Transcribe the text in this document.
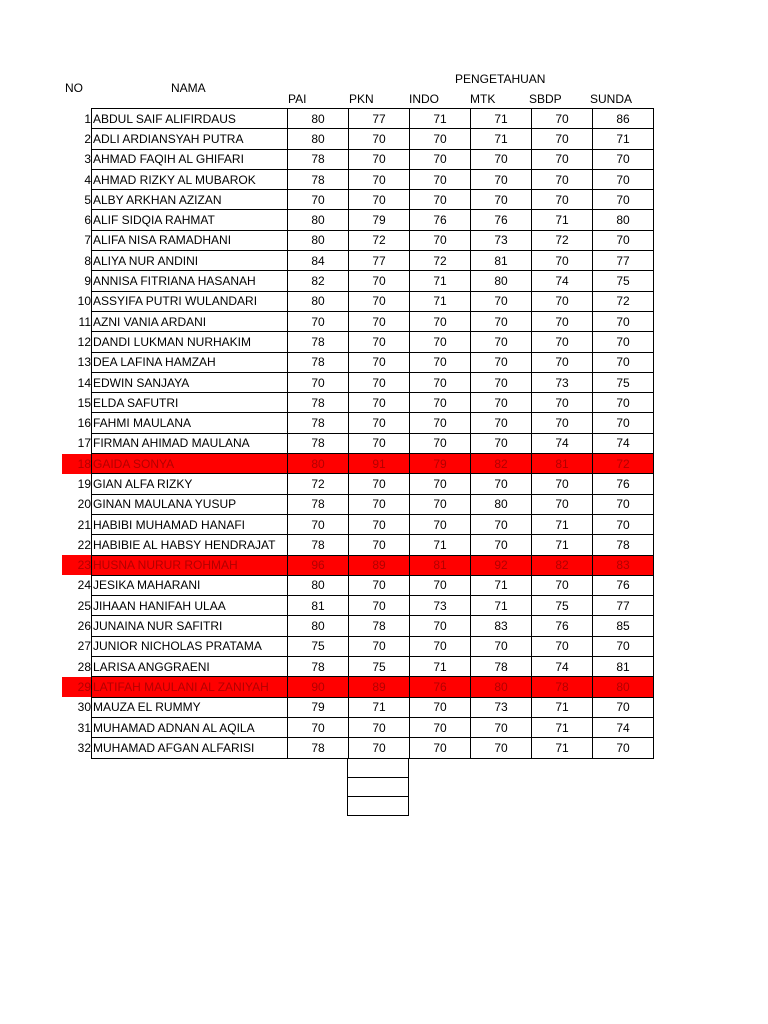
NO	NAMA
PENGETAHUAN
PAI	PKN	INDO	MTK	SBDP SUNDA
1	ABDUL SAIF ALIFIRDAUS	80	77	71	71	70	86
2	ADLI ARDIANSYAH PUTRA	80	70	70	71	70	71
3	AHMAD FAQIH AL GHIFARI	78	70	70	70	70	70
4	AHMAD RIZKY AL MUBAROK	78	70	70	70	70	70
5	ALBY ARKHAN AZIZAN	70	70	70	70	70	70
6	ALIF SIDQIA RAHMAT	80	79	76	76	71	80
7	ALIFA NISA RAMADHANI	80	72	70	73	72	70
8	ALIYA NUR ANDINI	84	77	72	81	70	77
9	ANNISA FITRIANA HASANAH	82	70	71	80	74	75
10	ASSYIFA PUTRI WULANDARI	80	70	71	70	70	72
11	AZNI VANIA ARDANI	70	70	70	70	70	70
12	DANDI LUKMAN NURHAKIM	78	70	70	70	70	70
13	DEA LAFINA HAMZAH	78	70	70	70	70	70
14	EDWIN SANJAYA	70	70	70	70	73	75
15	ELDA SAFUTRI	78	70	70	70	70	70
16	FAHMI MAULANA	78	70	70	70	70	70
17	FIRMAN AHIMAD MAULANA	78	70	70	70	74	74
18	GAIDA SONYA	80	91	79	82	81	72
19	GIAN ALFA RIZKY	72	70	70	70	70	76
20	GINAN MAULANA YUSUP	78	70	70	80	70	70
21	HABIBI MUHAMAD HANAFI	70	70	70	70	71	70
22	HABIBIE AL HABSY HENDRAJAT	78	70	71	70	71	78
23	HUSNA NURUR ROHMAH	96	89	81	92	82	83
24	JESIKA MAHARANI	80	70	70	71	70	76
25	JIHAAN HANIFAH ULAA	81	70	73	71	75	77
26	JUNAINA NUR SAFITRI	80	78	70	83	76	85
27	JUNIOR NICHOLAS PRATAMA	75	70	70	70	70	70
28	LARISA ANGGRAENI	78	75	71	78	74	81
29	LATIFAH MAULANI AL ZANIYAH	90	89	76	80	78	80
30	MAUZA EL RUMMY	79	71	70	73	71	70
31	MUHAMAD ADNAN AL AQILA	70	70	70	70	71	74
32	MUHAMAD AFGAN ALFARISI	78	70	70	70	71	70
